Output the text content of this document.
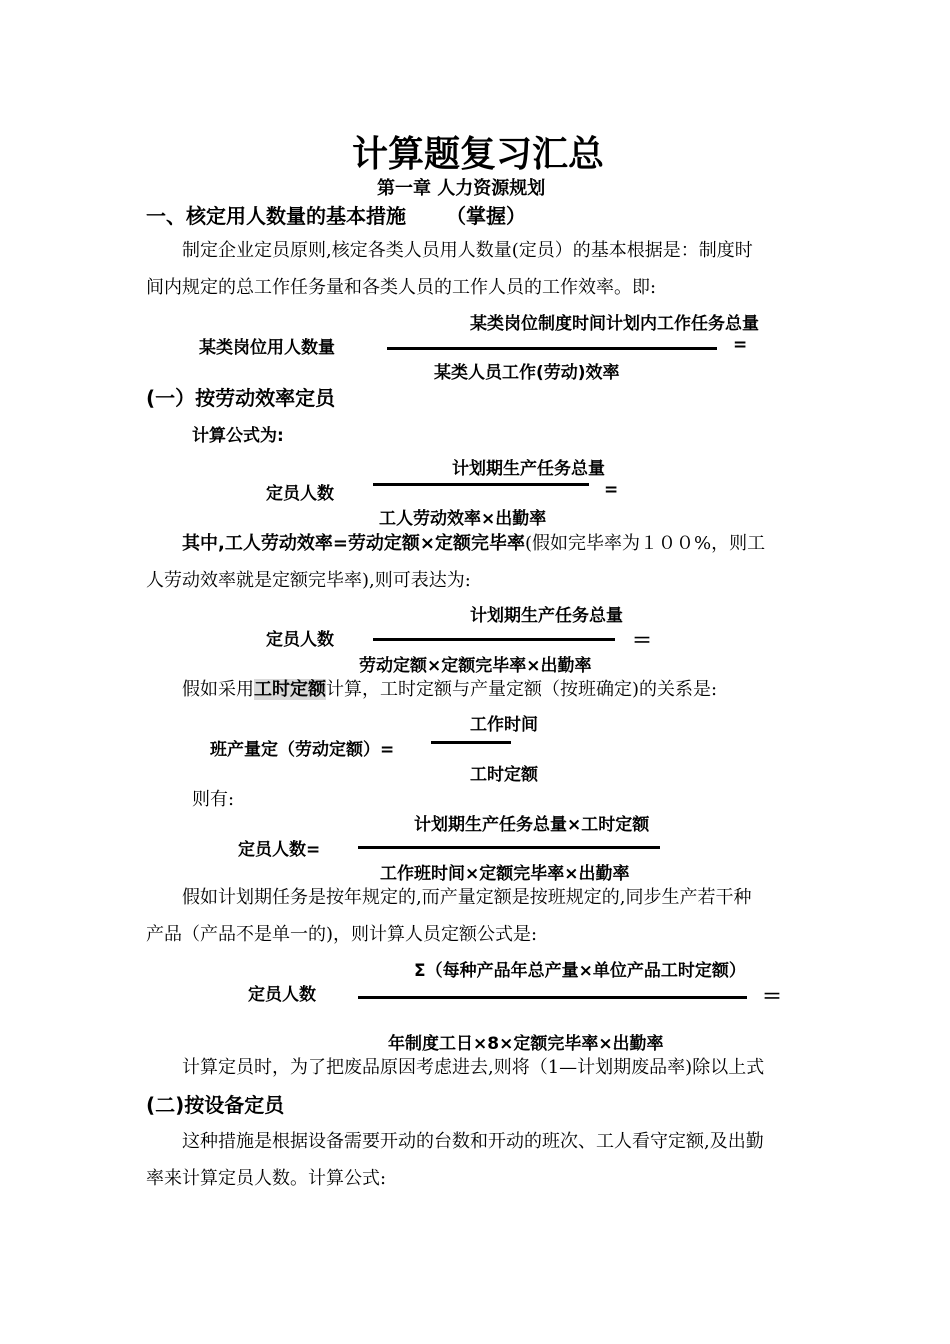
计算题复习汇总
第一章 人力资源规划
一、核定用人数量的基本措施 （掌握）
制定企业定员原则,核定各类人员用人数量(定员）的基本根据是：制度时
间内规定的总工作任务量和各类人员的工作人员的工作效率。即:
某类岗位制度时间计划内工作任务总量
某类岗位用人数量	=
某类人员工作(劳动)效率
(一）按劳动效率定员
计算公式为:
计划期生产任务总量
定员人数	=
工人劳动效率×出勤率
其中,工人劳动效率=劳动定额×定额完毕率(假如完毕率为１００%，则工
人劳动效率就是定额完毕率),则可表达为:
计划期生产任务总量
定员人数	＝
劳动定额×定额完毕率×出勤率
假如采用工时定额计算，工时定额与产量定额（按班确定)的关系是:
工作时间
班产量定（劳动定额）=
工时定额
则有:
计划期生产任务总量×工时定额
定员人数=
工作班时间×定额完毕率×出勤率
假如计划期任务是按年规定的,而产量定额是按班规定的,同步生产若干种
产品（产品不是单一的)，则计算人员定额公式是:
Σ（每种产品年总产量×单位产品工时定额）
定员人数	＝
年制度工日×8×定额完毕率×出勤率
计算定员时，为了把废品原因考虑进去,则将（1—计划期废品率)除以上式
(二)按设备定员
这种措施是根据设备需要开动的台数和开动的班次、工人看守定额,及出勤
率来计算定员人数。计算公式:
